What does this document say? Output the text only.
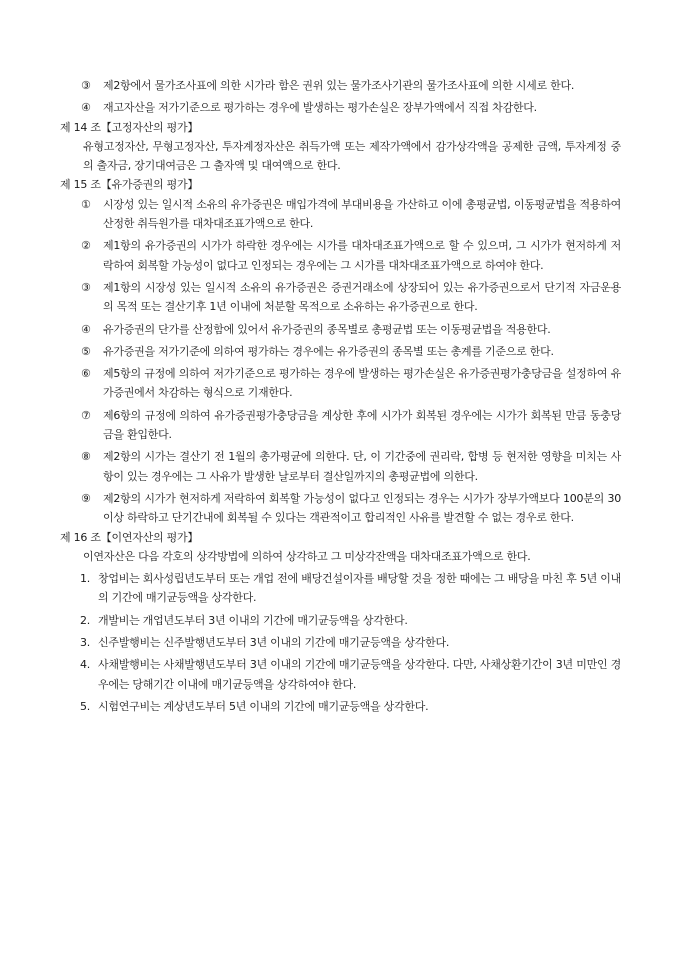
③ 제2항에서 물가조사표에 의한 시가라 함은 권위 있는 물가조사기관의 물가조사표에 의한 시세로 한다.
④ 재고자산을 저가기준으로 평가하는 경우에 발생하는 평가손실은 장부가액에서 직접 차감한다.
제 14 조【고정자산의 평가】
유형고정자산, 무형고정자산, 투자계정자산은 취득가액 또는 제작가액에서 감가상각액을 공제한 금액, 투자계정 중의 출자금, 장기대여금은 그 출자액 및 대여액으로 한다.
제 15 조【유가증권의 평가】
① 시장성 있는 일시적 소유의 유가증권은 매입가격에 부대비용을 가산하고 이에 총평균법, 이동평균법을 적용하여 산정한 취득원가를 대차대조표가액으로 한다.
② 제1항의 유가증권의 시가가 하락한 경우에는 시가를 대차대조표가액으로 할 수 있으며, 그 시가가 현저하게 저락하여 회복할 가능성이 없다고 인정되는 경우에는 그 시가를 대차대조표가액으로 하여야 한다.
③ 제1항의 시장성 있는 일시적 소유의 유가증권은 증권거래소에 상장되어 있는 유가증권으로서 단기적 자금운용의 목적 또는 결산기후 1년 이내에 처분할 목적으로 소유하는 유가증권으로 한다.
④ 유가증권의 단가를 산정함에 있어서 유가증권의 종목별로 총평균법 또는 이동평균법을 적용한다.
⑤ 유가증권을 저가기준에 의하여 평가하는 경우에는 유가증권의 종목별 또는 총계를 기준으로 한다.
⑥ 제5항의 규정에 의하여 저가기준으로 평가하는 경우에 발생하는 평가손실은 유가증권평가충당금을 설정하여 유가증권에서 차감하는 형식으로 기재한다.
⑦ 제6항의 규정에 의하여 유가증권평가충당금을 계상한 후에 시가가 회복된 경우에는 시가가 회복된 만큼 동충당금을 환입한다.
⑧ 제2항의 시가는 결산기 전 1월의 총가평균에 의한다. 단, 이 기간중에 권리락, 합병 등 현저한 영향을 미치는 사항이 있는 경우에는 그 사유가 발생한 날로부터 결산일까지의 총평균법에 의한다.
⑨ 제2항의 시가가 현저하게 저락하여 회복할 가능성이 없다고 인정되는 경우는 시가가 장부가액보다 100분의 30 이상 하락하고 단기간내에 회복될 수 있다는 객관적이고 합리적인 사유를 발견할 수 없는 경우로 한다.
제 16 조【이연자산의 평가】
이연자산은 다음 각호의 상각방법에 의하여 상각하고 그 미상각잔액을 대차대조표가액으로 한다.
1. 창업비는 회사성립년도부터 또는 개업 전에 배당건설이자를 배당할 것을 정한 때에는 그 배당을 마친 후 5년 이내의 기간에 매기균등액을 상각한다.
2. 개발비는 개업년도부터 3년 이내의 기간에 매기균등액을 상각한다.
3. 신주발행비는 신주발행년도부터 3년 이내의 기간에 매기균등액을 상각한다.
4. 사채발행비는 사채발행년도부터 3년 이내의 기간에 매기균등액을 상각한다. 다만, 사채상환기간이 3년 미만인 경우에는 당해기간 이내에 매기균등액을 상각하여야 한다.
5. 시험연구비는 계상년도부터 5년 이내의 기간에 매기균등액을 상각한다.
